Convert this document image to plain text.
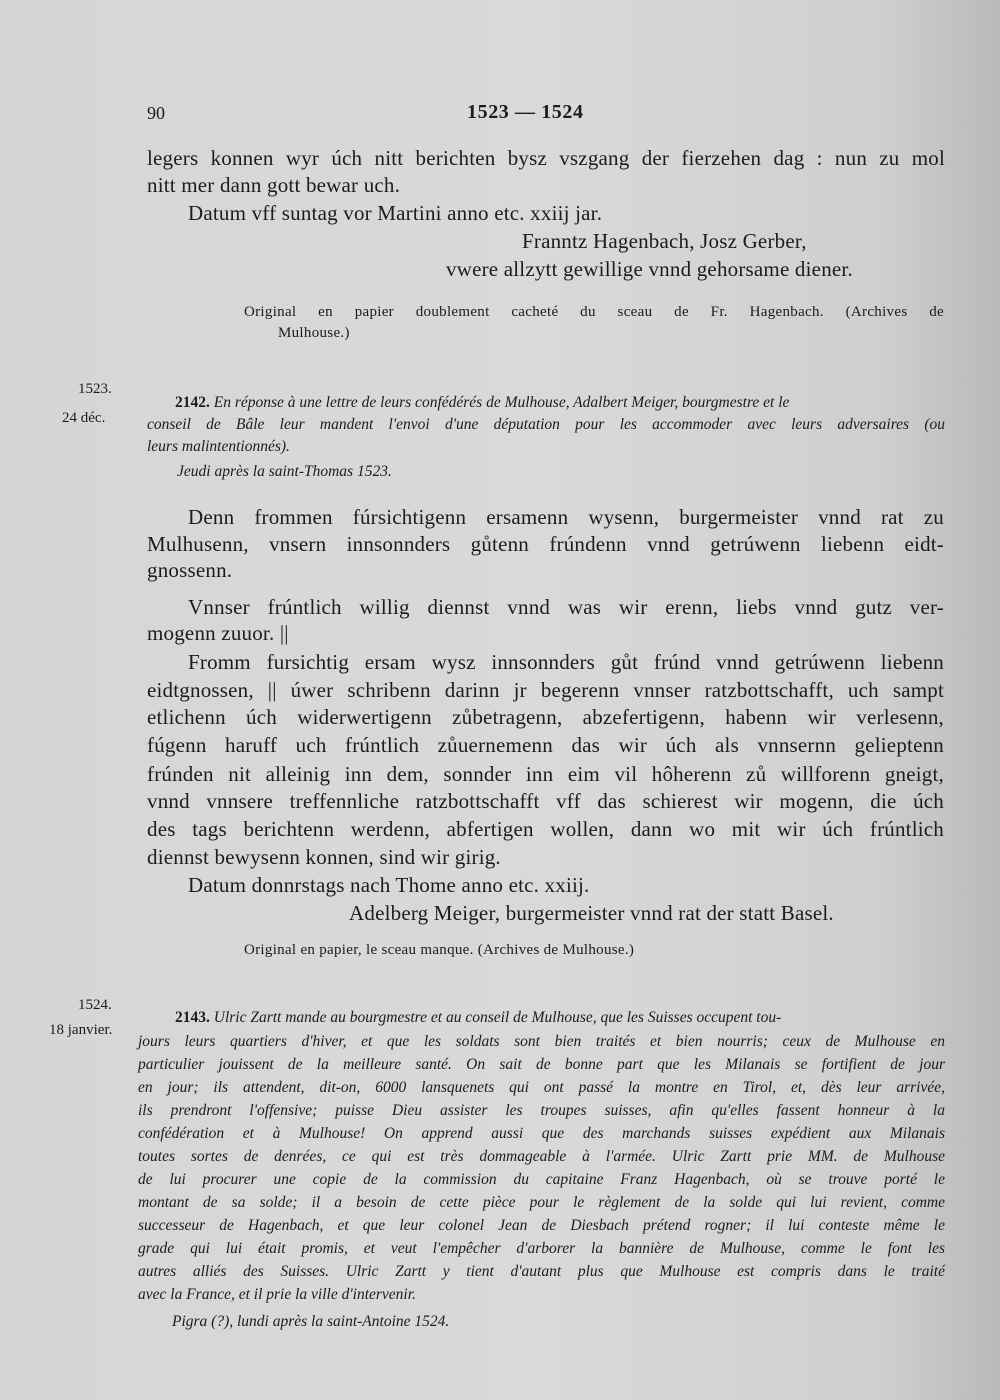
90	1523 — 1524
legers konnen wyr úch nitt berichten bysz vszgang der fierzehen dag : nun zu mol
nitt mer dann gott bewar uch.
Datum vff suntag vor Martini anno etc. xxiij jar.
Franntz Hagenbach, Josz Gerber,
vwere allzytt gewillige vnnd gehorsame diener.
Original en papier doublement cacheté du sceau de Fr. Hagenbach. (Archives de
Mulhouse.)
1523.
24 déc.
2142. En réponse à une lettre de leurs confédérés de Mulhouse, Adalbert Meiger, bourgmestre et le
conseil de Bâle leur mandent l'envoi d'une députation pour les accommoder avec leurs adversaires (ou
leurs malintentionnés).
Jeudi après la saint-Thomas 1523.
Denn frommen fúrsichtigenn ersamenn wysenn, burgermeister vnnd rat zu
Mulhusenn, vnsern innsonnders gůtenn frúndenn vnnd getrúwenn liebenn eidt-
gnossenn.
Vnnser frúntlich willig diennst vnnd was wir erenn, liebs vnnd gutz ver-
mogenn zuuor. ||
Fromm fursichtig ersam wysz innsonnders gůt frúnd vnnd getrúwenn liebenn
eidtgnossen, || úwer schribenn darinn jr begerenn vnnser ratzbottschafft, uch sampt
etlichenn úch widerwertigenn zůbetragenn, abzefertigenn, habenn wir verlesenn,
fúgenn haruff uch frúntlich zůuernemenn das wir úch als vnnsernn gelieptenn
frúnden nit alleinig inn dem, sonnder inn eim vil hôherenn zů willforenn gneigt,
vnnd vnnsere treffennliche ratzbottschafft vff das schierest wir mogenn, die úch
des tags berichtenn werdenn, abfertigen wollen, dann wo mit wir úch frúntlich
diennst bewysenn konnen, sind wir girig.
Datum donnrstags nach Thome anno etc. xxiij.
Adelberg Meiger, burgermeister vnnd rat der statt Basel.
Original en papier, le sceau manque. (Archives de Mulhouse.)
1524.
18 janvier.
2143. Ulric Zartt mande au bourgmestre et au conseil de Mulhouse, que les Suisses occupent tou-
jours leurs quartiers d'hiver, et que les soldats sont bien traités et bien nourris; ceux de Mulhouse en
particulier jouissent de la meilleure santé. On sait de bonne part que les Milanais se fortifient de jour
en jour; ils attendent, dit-on, 6000 lansquenets qui ont passé la montre en Tirol, et, dès leur arrivée,
ils prendront l'offensive; puisse Dieu assister les troupes suisses, afin qu'elles fassent honneur à la
confédération et à Mulhouse! On apprend aussi que des marchands suisses expédient aux Milanais
toutes sortes de denrées, ce qui est très dommageable à l'armée. Ulric Zartt prie MM. de Mulhouse
de lui procurer une copie de la commission du capitaine Franz Hagenbach, où se trouve porté le
montant de sa solde; il a besoin de cette pièce pour le règlement de la solde qui lui revient, comme
successeur de Hagenbach, et que leur colonel Jean de Diesbach prétend rogner; il lui conteste même le
grade qui lui était promis, et veut l'empêcher d'arborer la bannière de Mulhouse, comme le font les
autres alliés des Suisses. Ulric Zartt y tient d'autant plus que Mulhouse est compris dans le traité
avec la France, et il prie la ville d'intervenir.
Pigra (?), lundi après la saint-Antoine 1524.
